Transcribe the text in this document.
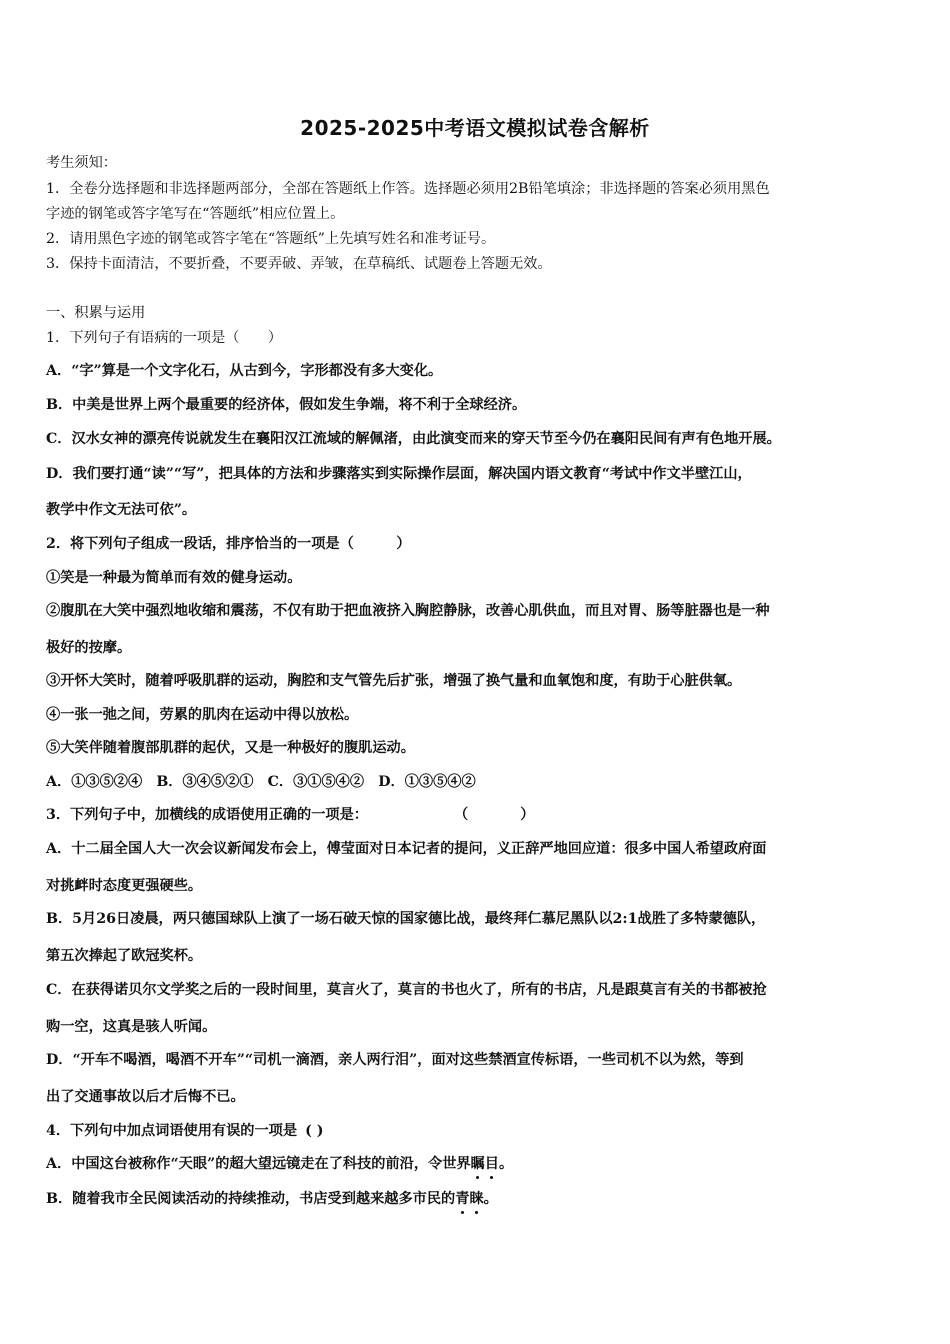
2025-2025中考语文模拟试卷含解析
考生须知：
1．全卷分选择题和非选择题两部分，全部在答题纸上作答。选择题必须用2B铅笔填涂；非选择题的答案必须用黑色
字迹的钢笔或答字笔写在“答题纸”相应位置上。
2．请用黑色字迹的钢笔或答字笔在“答题纸”上先填写姓名和准考证号。
3．保持卡面清洁，不要折叠，不要弄破、弄皱，在草稿纸、试题卷上答题无效。
一、积累与运用
1．下列句子有语病的一项是（　　）
A．“字”算是一个文字化石，从古到今，字形都没有多大变化。
B．中美是世界上两个最重要的经济体，假如发生争端，将不利于全球经济。
C．汉水女神的漂亮传说就发生在襄阳汉江流域的解佩渚，由此演变而来的穿天节至今仍在襄阳民间有声有色地开展。
D．我们要打通“读”“写”，把具体的方法和步骤落实到实际操作层面，解决国内语文教育“考试中作文半壁江山，
教学中作文无法可依”。
2．将下列句子组成一段话，排序恰当的一项是（　　　）
①笑是一种最为简单而有效的健身运动。
②腹肌在大笑中强烈地收缩和震荡，不仅有助于把血液挤入胸腔静脉，改善心肌供血，而且对胃、肠等脏器也是一种
极好的按摩。
③开怀大笑时，随着呼吸肌群的运动，胸腔和支气管先后扩张，增强了换气量和血氧饱和度，有助于心脏供氧。
④一张一弛之间，劳累的肌肉在运动中得以放松。
⑤大笑伴随着腹部肌群的起伏，又是一种极好的腹肌运动。
A．①③⑤②④　B．③④⑤②①　C．③①⑤④②　D．①③⑤④②
3．下列句子中，加横线的成语使用正确的一项是：	（	）
A．十二届全国人大一次会议新闻发布会上，傅莹面对日本记者的提问，义正辞严地回应道：很多中国人希望政府面
对挑衅时态度更强硬些。
B．5月26日凌晨，两只德国球队上演了一场石破天惊的国家德比战，最终拜仁慕尼黑队以2:1战胜了多特蒙德队，
第五次捧起了欧冠奖杯。
C．在获得诺贝尔文学奖之后的一段时间里，莫言火了，莫言的书也火了，所有的书店，凡是跟莫言有关的书都被抢
购一空，这真是骇人听闻。
D．“开车不喝酒，喝酒不开车”“司机一滴酒，亲人两行泪”，面对这些禁酒宣传标语，一些司机不以为然，等到
出了交通事故以后才后悔不已。
4．下列句中加点词语使用有误的一项是 ( )
A．中国这台被称作“天眼”的超大望远镜走在了科技的前沿，令世界瞩目。
B．随着我市全民阅读活动的持续推动，书店受到越来越多市民的青睐。
